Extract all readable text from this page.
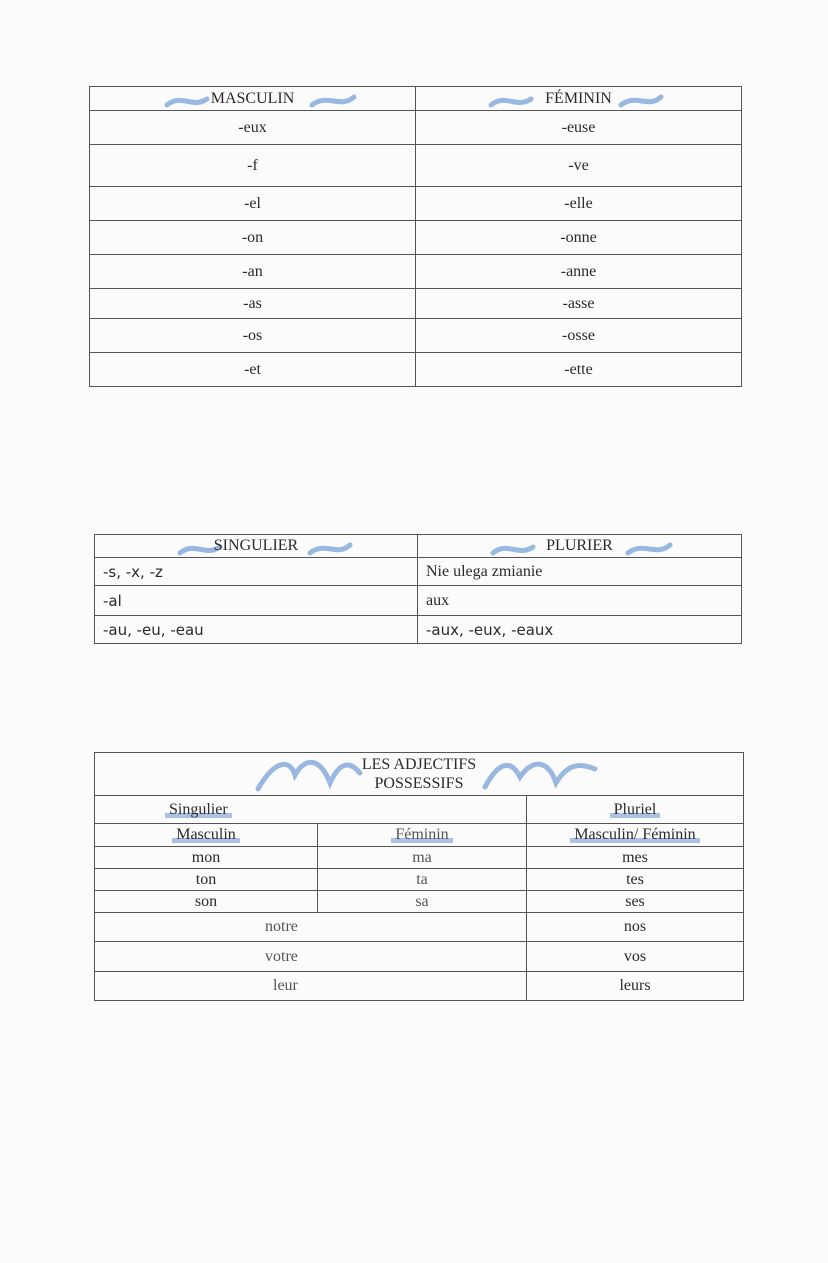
MASCULIN	FÉMININ
-eux	-euse
-f	-ve
-el	-elle
-on	-onne
-an	-anne
-as	-asse
-os	-osse
-et	-ette
SINGULIER	PLURIER
-s, -x, -z	Nie ulega zmianie
-al	aux
-au, -eu, -eau	-aux, -eux, -eaux
LES ADJECTIFS
POSSESSIFS		
Singulier		Pluriel
Masculin	Féminin	Masculin/ Féminin
mon	ma	mes
ton	ta	tes
son	sa	ses
notre		nos
votre		vos
leur		leurs
